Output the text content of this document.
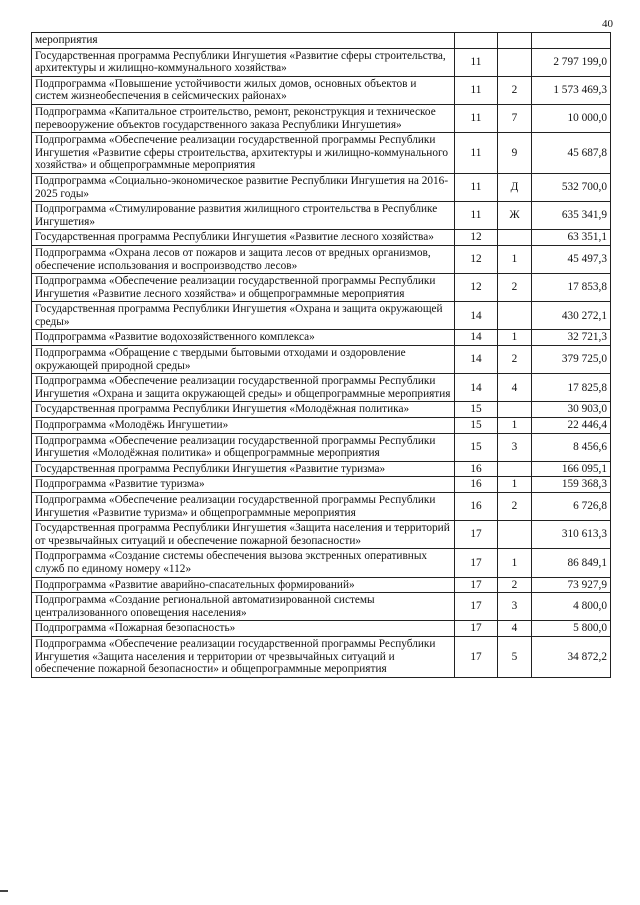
40
мероприятия			
Государственная программа Республики Ингушетия «Развитие сферы строительства, архитектуры и жилищно-коммунального хозяйства»	11		2 797 199,0
Подпрограмма «Повышение устойчивости жилых домов, основных объектов и систем жизнеобеспечения в сейсмических районах»	11	2	1 573 469,3
Подпрограмма «Капитальное строительство, ремонт, реконструкция и техническое перевооружение объектов государственного заказа Республики Ингушетия»	11	7	10 000,0
Подпрограмма «Обеспечение реализации государственной программы Республики Ингушетия «Развитие сферы строительства, архитектуры и жилищно-коммунального хозяйства» и общепрограммные мероприятия	11	9	45 687,8
Подпрограмма «Социально-экономическое развитие Республики Ингушетия на 2016-2025 годы»	11	Д	532 700,0
Подпрограмма «Стимулирование развития жилищного строительства в Республике Ингушетия»	11	Ж	635 341,9
Государственная программа Республики Ингушетия «Развитие лесного хозяйства»	12		63 351,1
Подпрограмма «Охрана лесов от пожаров и защита лесов от вредных организмов, обеспечение использования и воспроизводство лесов»	12	1	45 497,3
Подпрограмма «Обеспечение реализации государственной программы Республики Ингушетия «Развитие лесного хозяйства» и общепрограммные мероприятия	12	2	17 853,8
Государственная программа Республики Ингушетия «Охрана и защита окружающей среды»	14		430 272,1
Подпрограмма «Развитие водохозяйственного комплекса»	14	1	32 721,3
Подпрограмма «Обращение с твердыми бытовыми отходами и оздоровление окружающей природной среды»	14	2	379 725,0
Подпрограмма «Обеспечение реализации государственной программы Республики Ингушетия «Охрана и защита окружающей среды» и общепрограммные мероприятия	14	4	17 825,8
Государственная программа Республики Ингушетия «Молодёжная политика»	15		30 903,0
Подпрограмма «Молодёжь Ингушетии»	15	1	22 446,4
Подпрограмма «Обеспечение реализации государственной программы Республики Ингушетия «Молодёжная политика» и общепрограммные мероприятия	15	3	8 456,6
Государственная программа Республики Ингушетия «Развитие туризма»	16		166 095,1
Подпрограмма «Развитие туризма»	16	1	159 368,3
Подпрограмма «Обеспечение реализации государственной программы Республики Ингушетия «Развитие туризма» и общепрограммные мероприятия	16	2	6 726,8
Государственная программа Республики Ингушетия «Защита населения и территорий от чрезвычайных ситуаций и обеспечение пожарной безопасности»	17		310 613,3
Подпрограмма «Создание системы обеспечения вызова экстренных оперативных служб по единому номеру «112»	17	1	86 849,1
Подпрограмма «Развитие аварийно-спасательных формирований»	17	2	73 927,9
Подпрограмма «Создание региональной автоматизированной системы централизованного оповещения населения»	17	3	4 800,0
Подпрограмма «Пожарная безопасность»	17	4	5 800,0
Подпрограмма «Обеспечение реализации государственной программы Республики Ингушетия «Защита населения и территории от чрезвычайных ситуаций и обеспечение пожарной безопасности» и общепрограммные мероприятия	17	5	34 872,2
